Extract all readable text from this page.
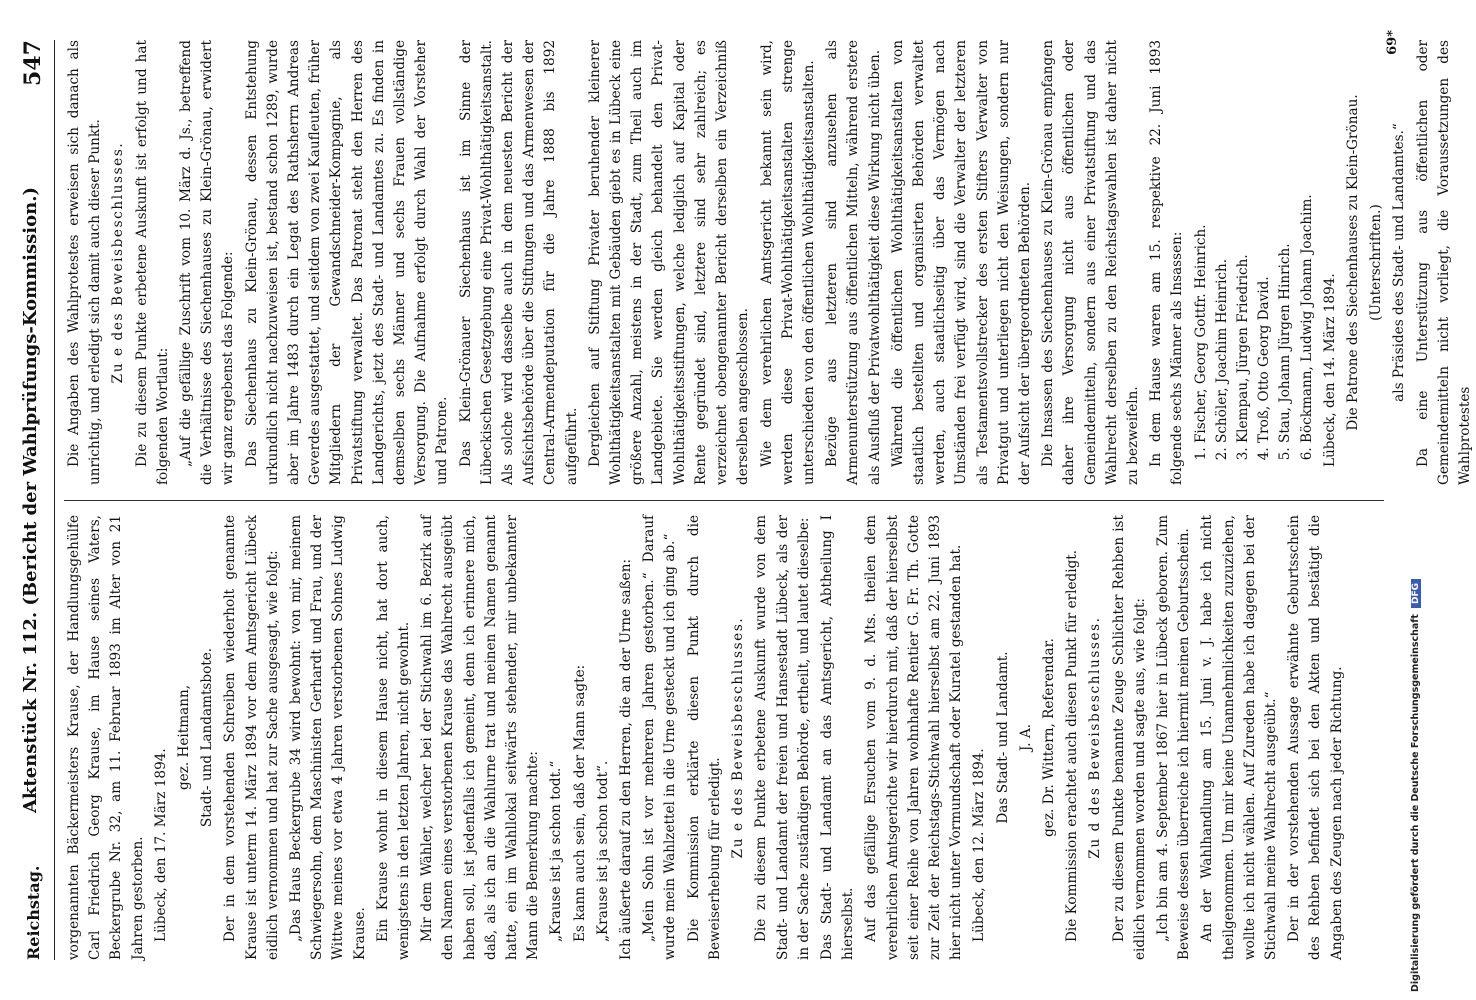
Reichstag.
Aktenstück Nr. 112. (Bericht der Wahlprüfungs-Kommission.)
547

vorgenannten Bäckermeisters Krause, der Handlungsgehülfe Carl Friedrich Georg Krause, im Hause seines Vaters, Beckergrube Nr. 32, am 11. Februar 1893 im Alter von 21 Jahren gestorben. Lübeck, den 17. März 1894.

gez. Heitmann, Stadt- und Landamtsbote. Der in dem vorstehenden Schreiben wiederholt genannte Krause ist unterm 14. März 1894 vor dem Amtsgericht Lübeck eidlich vernommen und hat zur Sache ausgesagt, wie folgt: „Das Haus Beckergrube 34 wird bewohnt: von mir, meinem Schwiegersohn, dem Maschinisten Gerhardt und Frau, und der Wittwe meines vor etwa 4 Jahren verstorbenen Sohnes Ludwig Krause. Ein Krause wohnt in diesem Hause nicht, hat dort auch, wenigstens in den letzten Jahren, nicht gewohnt. Mir dem Wähler, welcher bei der Stichwahl im 6. Bezirk auf den Namen eines verstorbenen Krause das Wahlrecht ausgeübt haben soll, ist jedenfalls ich gemeint, denn ich erinnere mich, daß, als ich an die Wahlurne trat und meinen Namen genannt hatte, ein im Wahllokal seitwärts stehender, mir unbekannter Mann die Bemerkung machte: „Krause ist ja schon todt.“ Es kann auch sein, daß der Mann sagte: „Krause ist ja schon todt“. Ich äußerte darauf zu den Herren, die an der Urne saßen: „Mein Sohn ist vor mehreren Jahren gestorben.“ Darauf wurde mein Wahlzettel in die Urne gesteckt und ich ging ab.“ Die Kommission erklärte diesen Punkt durch die Beweiserhebung für erledigt.

Zu e des Beweisbeschlusses. Die zu diesem Punkte erbetene Auskunft wurde von dem Stadt- und Landamt der freien und Hansestadt Lübeck, als der in der Sache zuständigen Behörde, ertheilt, und lautet dieselbe: Das Stadt- und Landamt an das Amtsgericht, Abtheilung I hierselbst. Auf das gefällige Ersuchen vom 9. d. Mts. theilen dem verehrlichen Amtsgerichte wir hierdurch mit, daß der hierselbst seit einer Reihe von Jahren wohnhafte Rentier G. Fr. Th. Gotte zur Zeit der Reichstags-Stichwahl hierselbst am 22. Juni 1893 hier nicht unter Vormundschaft oder Kuratel gestanden hat. Lübeck, den 12. März 1894.

Das Stadt- und Landamt. J. A. gez. Dr. Wittern, Referendar. Die Kommission erachtet auch diesen Punkt für erledigt. Zu d des Beweisbeschlusses. Der zu diesem Punkte benannte Zeuge Schlichter Rehben ist eidlich vernommen worden und sagte aus, wie folgt: „Ich bin am 4. September 1867 hier in Lübeck geboren. Zum Beweise dessen überreiche ich hiermit meinen Geburtsschein. An der Wahlhandlung am 15. Juni v. J. habe ich nicht theilgenommen. Um mir keine Unannehmlichkeiten zuzuziehen, wollte ich nicht wählen. Auf Zureden habe ich dagegen bei der Stichwahl meine Wahlrecht ausgeübt.“ Der in der vorstehenden Aussage erwähnte Geburtsschein des Rehben befindet sich bei den Akten und bestätigt die Angaben des Zeugen nach jeder Richtung.

Die Angaben des Wahlprotestes erweisen sich danach als unrichtig, und erledigt sich damit auch dieser Punkt. Zu e des Beweisbeschlusses. Die zu diesem Punkte erbetene Auskunft ist erfolgt und hat folgenden Wortlaut: „Auf die gefällige Zuschrift vom 10. März d. Js., betreffend die Verhältnisse des Siechenhauses zu Klein-Grönau, erwidert wir ganz ergebenst das Folgende: Das Siechenhaus zu Klein-Grönau, dessen Entstehung urkundlich nicht nachzuweisen ist, bestand schon 1289, wurde aber im Jahre 1483 durch ein Legat des Rathsherrn Andreas Geverdes ausgestattet, und seitdem von zwei Kaufleuten, früher Mitgliedern der Gewandschneider-Kompagnie, als Privatstiftung verwaltet. Das Patronat steht den Herren des Landgerichts, jetzt des Stadt- und Landamtes zu. Es finden in demselben sechs Männer und sechs Frauen vollständige Versorgung. Die Aufnahme erfolgt durch Wahl der Vorsteher und Patrone. Das Klein-Grönauer Siechenhaus ist im Sinne der Lübeckischen Gesetzgebung eine Privat-Wohlthätigkeitsanstalt. Als solche wird dasselbe auch in dem neuesten Bericht der Aufsichtsbehörde über die Stiftungen und das Armenwesen der Central-Armendeputation für die Jahre 1888 bis 1892 aufgeführt. Dergleichen auf Stiftung Privater beruhender kleinerer Wohlthätigkeitsanstalten mit Gebäuden giebt es in Lübeck eine größere Anzahl, meistens in der Stadt, zum Theil auch im Landgebiete. Sie werden gleich behandelt den Privat-Wohlthätigkeitsstiftungen, welche lediglich auf Kapital oder Rente gegründet sind, letztere sind sehr zahlreich; es verzeichnet obengenannter Bericht derselben ein Verzeichniß derselben angeschlossen. Wie dem verehrlichen Amtsgericht bekannt sein wird, werden diese Privat-Wohlthätigkeitsanstalten strenge unterschieden von den öffentlichen Wohlthätigkeitsanstalten. Bezüge aus letzteren sind anzusehen als Armenunterstützung aus öffentlichen Mitteln, während erstere als Ausfluß der Privatwohlthätigkeit diese Wirkung nicht üben. Während die öffentlichen Wohlthätigkeitsanstalten von staatlich bestellten und organisirten Behörden verwaltet werden, auch staatlichseitig über das Vermögen nach Umständen frei verfügt wird, sind die Verwalter der letzteren als Testamentsvollstrecker des ersten Stifters Verwalter von Privatgut und unterliegen nicht den Weisungen, sondern nur der Aufsicht der übergeordneten Behörden. Die Insassen des Siechenhauses zu Klein-Grönau empfangen daher ihre Versorgung nicht aus öffentlichen oder Gemeindemitteln, sondern aus einer Privatstiftung und das Wahlrecht derselben zu den Reichstagswahlen ist daher nicht zu bezweifeln. In dem Hause waren am 15. respektive 22. Juni 1893 folgende sechs Männer als Insassen: 1. Fischer, Georg Gottfr. Heinrich. 2. Schöler, Joachim Heinrich. 3. Klempau, Jürgen Friedrich. 4. Troß, Otto Georg David. 5. Stau, Johann Jürgen Hinrich. 6. Böckmann, Ludwig Johann Joachim. Lübeck, den 14. März 1894. Die Patrone des Siechenhauses zu Klein-Grönau. (Unterschriften.) als Präsides des Stadt- und Landamtes.“ Da eine Unterstützung aus öffentlichen oder Gemeindemitteln nicht vorliegt, die Voraussetzungen des Wahlprotestes

69*
Digitalisierung gefördert durch die Deutsche ForschungsgemeinschaftDFG
